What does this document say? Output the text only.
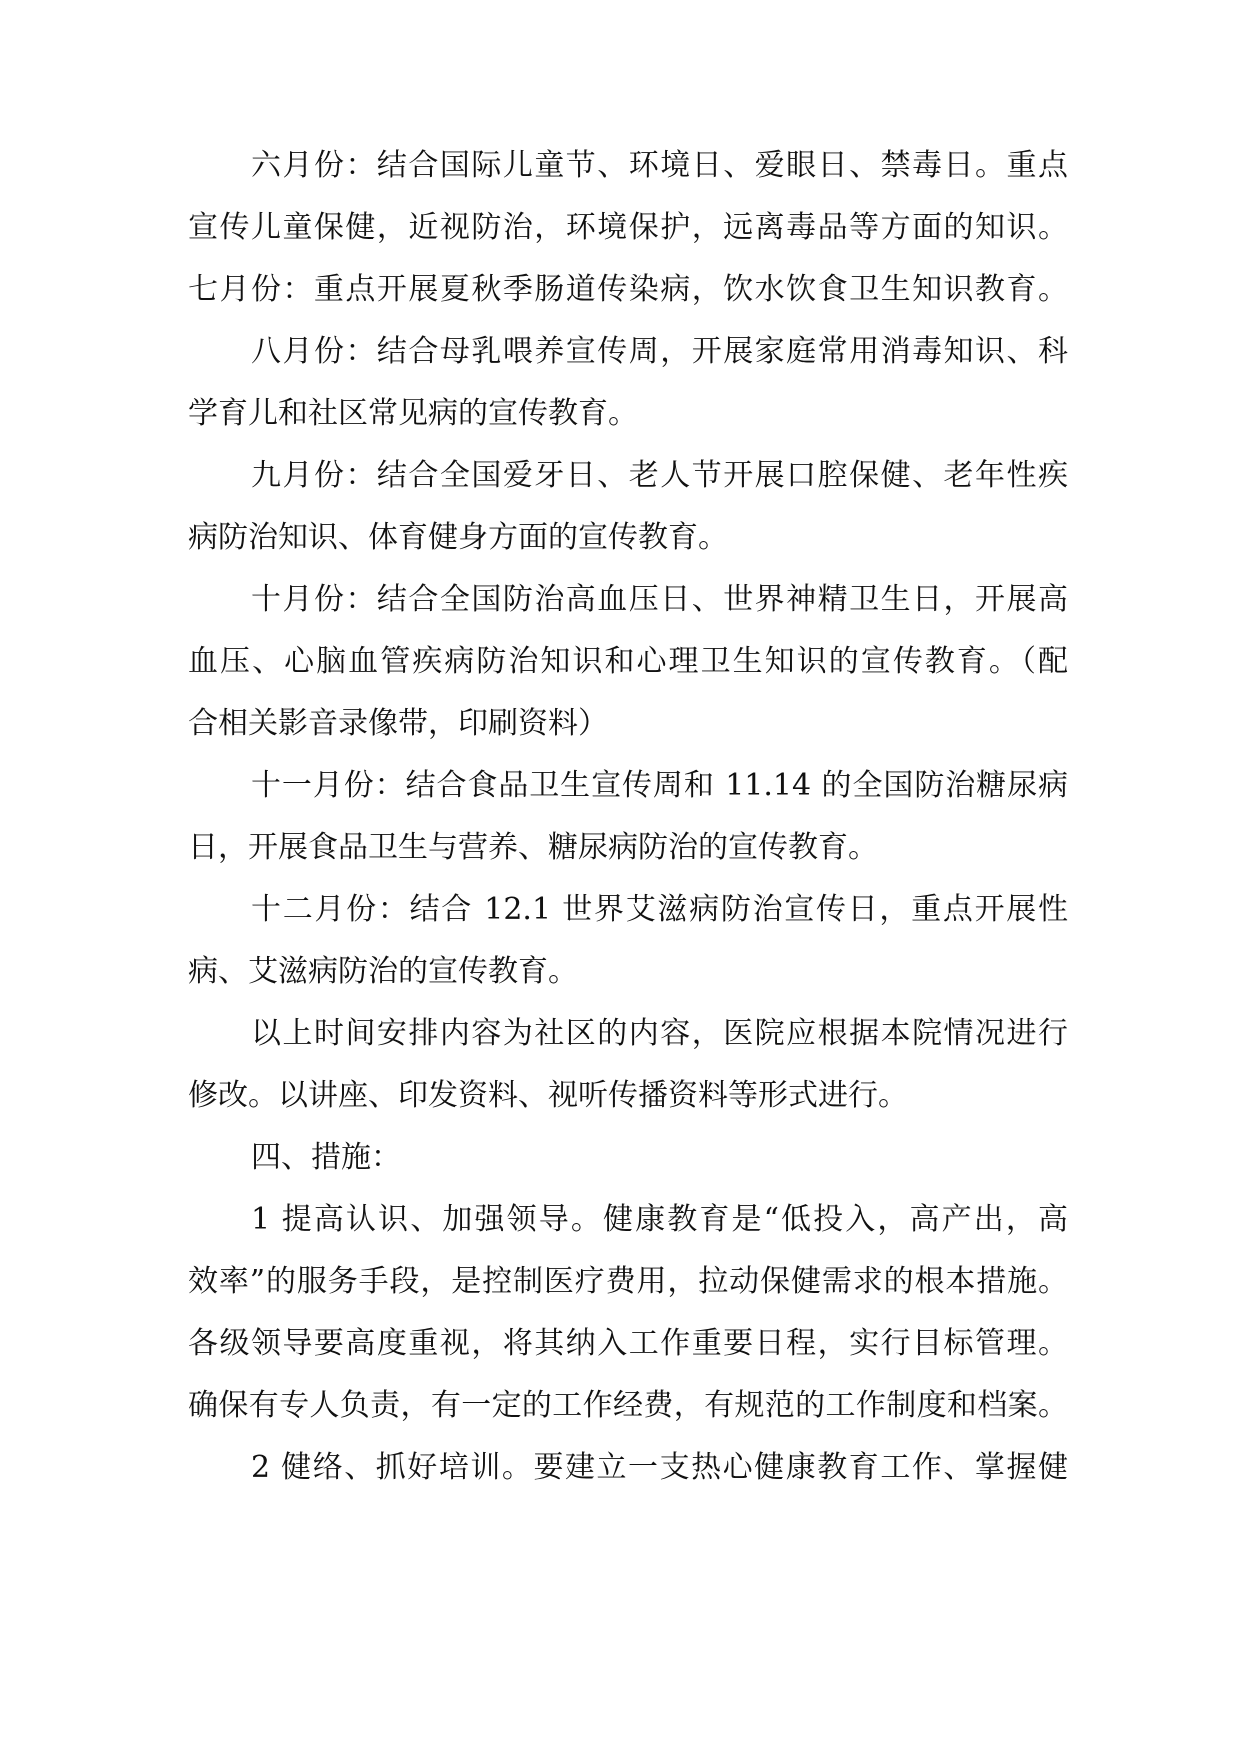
六月份：结合国际儿童节、环境日、爱眼日、禁毒日。重点
宣传儿童保健，近视防治，环境保护，远离毒品等方面的知识。
七月份：重点开展夏秋季肠道传染病，饮水饮食卫生知识教育。
八月份：结合母乳喂养宣传周，开展家庭常用消毒知识、科
学育儿和社区常见病的宣传教育。
九月份：结合全国爱牙日、老人节开展口腔保健、老年性疾
病防治知识、体育健身方面的宣传教育。
十月份：结合全国防治高血压日、世界神精卫生日，开展高
血压、心脑血管疾病防治知识和心理卫生知识的宣传教育。（配
合相关影音录像带，印刷资料）
十一月份：结合食品卫生宣传周和 11.14 的全国防治糖尿病
日，开展食品卫生与营养、糖尿病防治的宣传教育。
十二月份：结合 12.1 世界艾滋病防治宣传日，重点开展性
病、艾滋病防治的宣传教育。
以上时间安排内容为社区的内容，医院应根据本院情况进行
修改。以讲座、印发资料、视听传播资料等形式进行。
四、措施：
1 提高认识、加强领导。健康教育是“低投入，高产出，高
效率”的服务手段，是控制医疗费用，拉动保健需求的根本措施。
各级领导要高度重视，将其纳入工作重要日程，实行目标管理。
确保有专人负责，有一定的工作经费，有规范的工作制度和档案。
2 健络、抓好培训。要建立一支热心健康教育工作、掌握健
